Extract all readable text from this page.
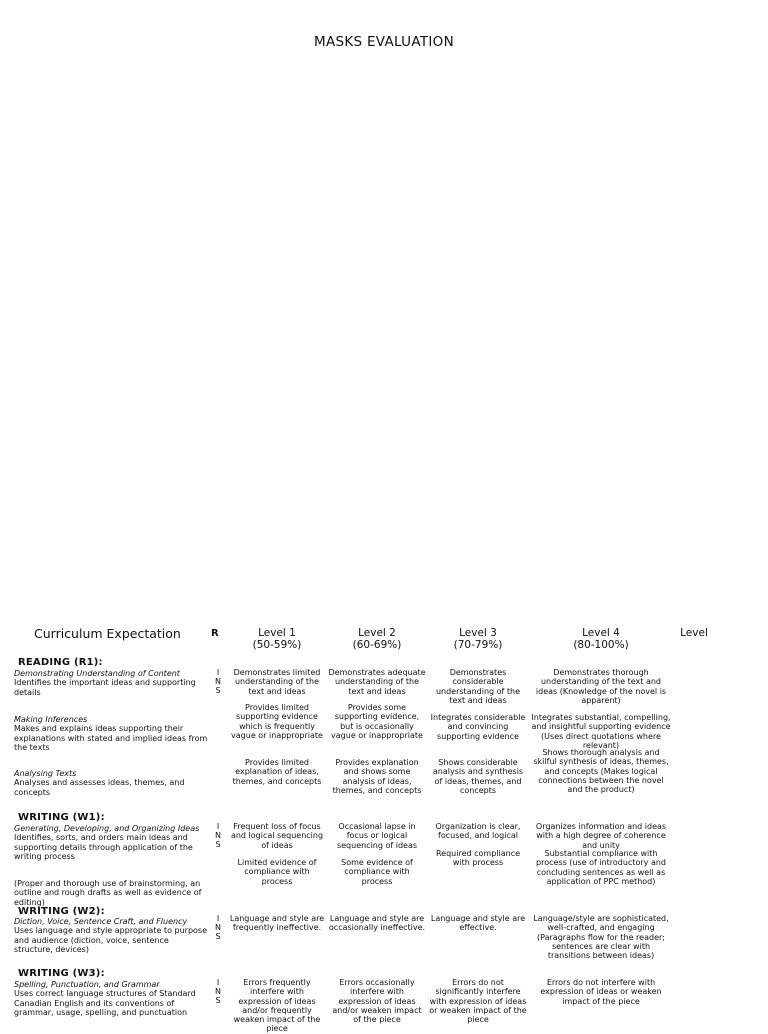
MASKS EVALUATION
Curriculum Expectation	R	Level 1
(50-59%)
Level 2
(60-69%)
Level 3
(70-79%)
Level 4
(80-100%)
Level
READING (R1):
Demonstrating Understanding of Content
Identifies the important ideas and supporting details
I
N
S
Demonstrates limited understanding of the text and ideas
Demonstrates adequate understanding of the text and ideas
Demonstrates considerable understanding of the text and ideas
Demonstrates thorough understanding of the text and ideas (Knowledge of the novel is apparent)
Making Inferences
Makes and explains ideas supporting their explanations with stated and implied ideas from the texts
Provides limited supporting evidence which is frequently vague or inappropriate
Provides some supporting evidence, but is occasionally vague or inappropriate
Integrates considerable and convincing supporting evidence
Integrates substantial, compelling, and insightful supporting evidence (Uses direct quotations where relevant)
Analysing Texts
Analyses and assesses ideas, themes, and concepts
Provides limited explanation of ideas, themes, and concepts
Provides explanation and shows some analysis of ideas, themes, and concepts
Shows considerable analysis and synthesis of ideas, themes, and concepts
Shows thorough analysis and skilful synthesis of ideas, themes, and concepts (Makes logical connections between the novel and the product)
WRITING (W1):
Generating, Developing, and Organizing Ideas
Identifies, sorts, and orders main ideas and supporting details through application of the writing process
(Proper and thorough use of brainstorming, an outline and rough drafts as well as evidence of editing)
I
N
S
Frequent loss of focus and logical sequencing of ideas
Occasional lapse in focus or logical sequencing of ideas
Organization is clear, focused, and logical
Organizes information and ideas with a high degree of coherence and unity
Limited evidence of compliance with process
Some evidence of compliance with process
Required compliance with process
Substantial compliance with process (use of introductory and concluding sentences as well as application of PPC method)
WRITING (W2):
Diction, Voice, Sentence Craft, and Fluency
Uses language and style appropriate to purpose and audience (diction, voice, sentence structure, devices)
I
N
S
Language and style are frequently ineffective.
Language and style are occasionally ineffective.
Language and style are effective.
Language/style are sophisticated, well-crafted, and engaging (Paragraphs flow for the reader; sentences are clear with transitions between ideas)
WRITING (W3):
Spelling, Punctuation, and Grammar
Uses correct language structures of Standard Canadian English and its conventions of grammar, usage, spelling, and punctuation
I
N
S
Errors frequently interfere with expression of ideas and/or frequently weaken impact of the piece
Errors occasionally interfere with expression of ideas and/or weaken impact of the piece
Errors do not significantly interfere with expression of ideas or weaken impact of the piece
Errors do not interfere with expression of ideas or weaken impact of the piece
